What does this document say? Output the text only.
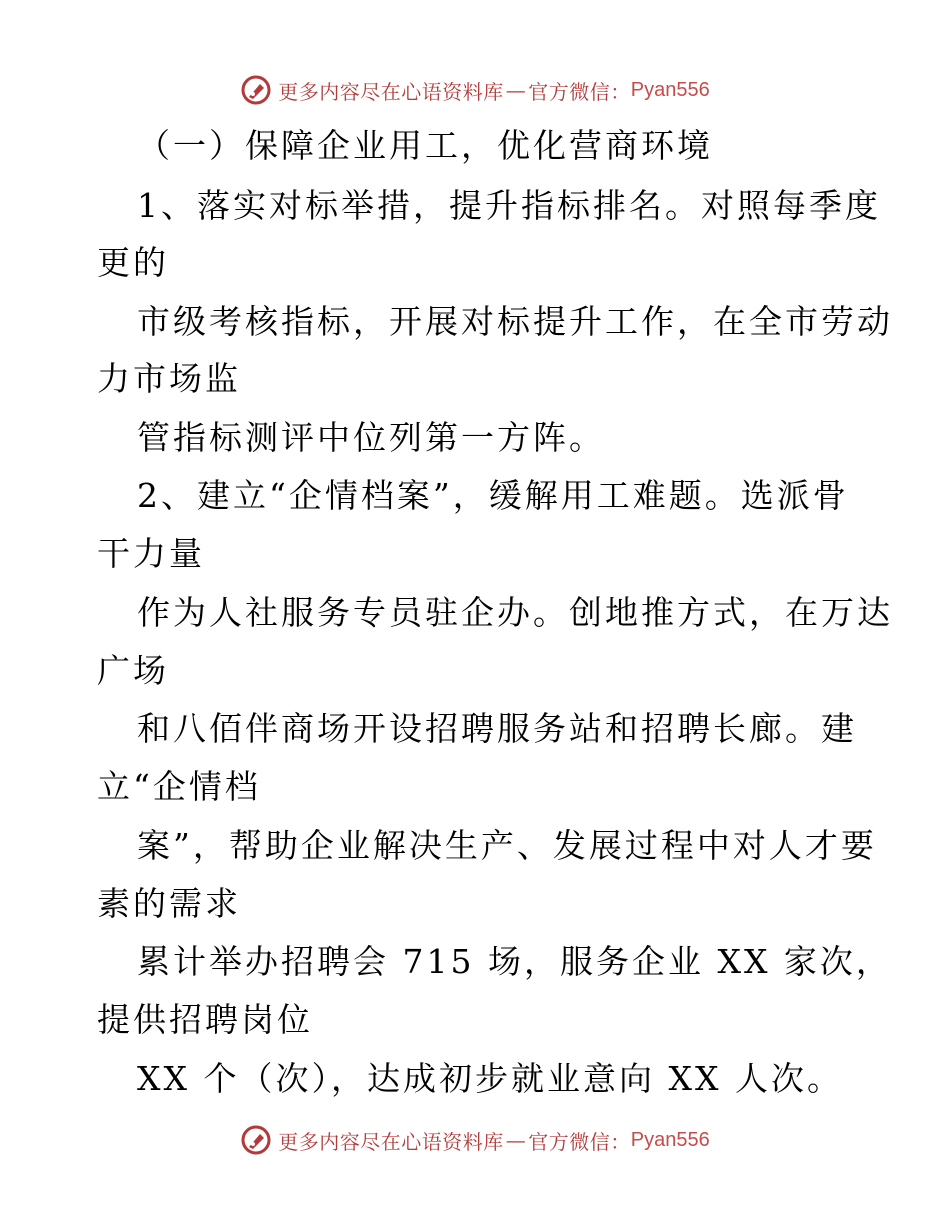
更多内容尽在心语资料库 — 官方微信： Pyan556
（一）保障企业用工，优化营商环境
1、落实对标举措，提升指标排名。对照每季度
更的
市级考核指标，开展对标提升工作，在全市劳动
力市场监
管指标测评中位列第一方阵。
2、建立“企情档案”，缓解用工难题。选派骨
干力量
作为人社服务专员驻企办。创地推方式，在万达
广场
和八佰伴商场开设招聘服务站和招聘长廊。建
立“企情档
案”，帮助企业解决生产、发展过程中对人才要
素的需求
累计举办招聘会 715 场，服务企业 XX 家次，
提供招聘岗位
XX 个（次），达成初步就业意向 XX 人次。
更多内容尽在心语资料库 — 官方微信： Pyan556
